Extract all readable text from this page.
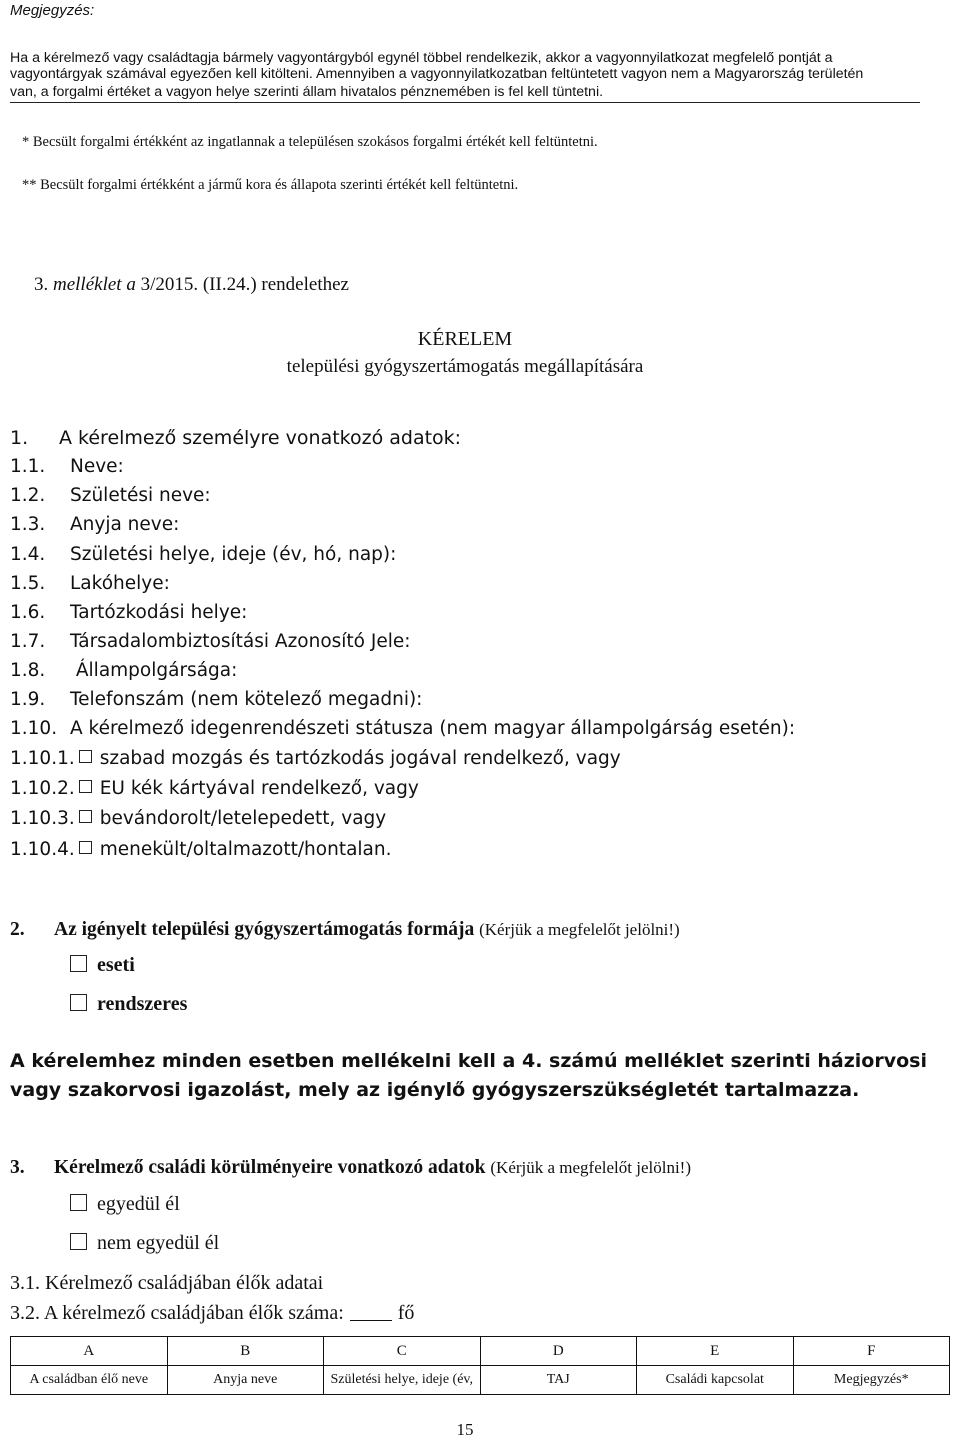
Megjegyzés:
Ha a kérelmező vagy családtagja bármely vagyontárgyból egynél többel rendelkezik, akkor a vagyonnyilatkozat megfelelő pontját a
vagyontárgyak számával egyezően kell kitölteni. Amennyiben a vagyonnyilatkozatban feltüntetett vagyon nem a Magyarország területén
van, a forgalmi értéket a vagyon helye szerinti állam hivatalos pénznemében is fel kell tüntetni.
* Becsült forgalmi értékként az ingatlannak a településen szokásos forgalmi értékét kell feltüntetni.
** Becsült forgalmi értékként a jármű kora és állapota szerinti értékét kell feltüntetni.
3. melléklet a 3/2015. (II.24.) rendelethez
KÉRELEM
települési gyógyszertámogatás megállapítására
1. A kérelmező személyre vonatkozó adatok:
1.1. Neve:
1.2. Születési neve:
1.3. Anyja neve:
1.4. Születési helye, ideje (év, hó, nap):
1.5. Lakóhelye:
1.6. Tartózkodási helye:
1.7. Társadalombiztosítási Azonosító Jele:
1.8. Állampolgársága:
1.9. Telefonszám (nem kötelező megadni):
1.10. A kérelmező idegenrendészeti státusza (nem magyar állampolgárság esetén):
1.10.1. szabad mozgás és tartózkodás jogával rendelkező, vagy
1.10.2. EU kék kártyával rendelkező, vagy
1.10.3. bevándorolt/letelepedett, vagy
1.10.4. menekült/oltalmazott/hontalan.
2. Az igényelt települési gyógyszertámogatás formája (Kérjük a megfelelőt jelölni!)
eseti
rendszeres
A kérelemhez minden esetben mellékelni kell a 4. számú melléklet szerinti háziorvosi
vagy szakorvosi igazolást, mely az igénylő gyógyszerszükségletét tartalmazza.
3. Kérelmező családi körülményeire vonatkozó adatok (Kérjük a megfelelőt jelölni!)
egyedül él
nem egyedül él
3.1. Kérelmező családjában élők adatai
3.2. A kérelmező családjában élők száma:	fő
A	B	C	D	E	F
A családban élő neve	Anyja neve	Születési helye, ideje (év,	TAJ	Családi kapcsolat	Megjegyzés*
15
